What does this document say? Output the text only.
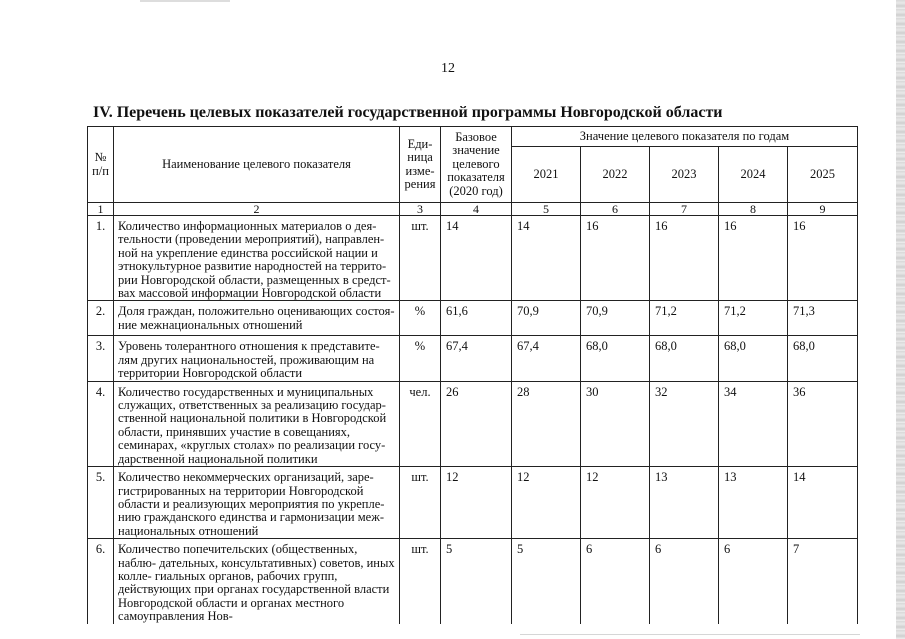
12
IV. Перечень целевых показателей государственной программы Новгородской области
№ п/п	Наименование целевого показателя	Еди- ница изме- рения	Базовое значение целевого показателя (2020 год)	Значение целевого показателя по годам				
				2021	2022	2023	2024	2025
1	2	3	4	5	6	7	8	9
1.	Количество информационных материалов о дея- тельности (проведении мероприятий), направлен- ной на укрепление единства российской нации и этнокультурное развитие народностей на террито- рии Новгородской области, размещенных в средст- вах массовой информации Новгородской области	шт.	14	14	16	16	16	16
2.	Доля граждан, положительно оценивающих состоя- ние межнациональных отношений	%	61,6	70,9	70,9	71,2	71,2	71,3
3.	Уровень толерантного отношения к представите- лям других национальностей, проживающим на территории Новгородской области	%	67,4	67,4	68,0	68,0	68,0	68,0
4.	Количество государственных и муниципальных служащих, ответственных за реализацию государ- ственной национальной политики в Новгородской области, принявших участие в совещаниях, семинарах, «круглых столах» по реализации госу- дарственной национальной политики	чел.	26	28	30	32	34	36
5.	Количество некоммерческих организаций, заре- гистрированных на территории Новгородской области и реализующих мероприятия по укрепле- нию гражданского единства и гармонизации меж- национальных отношений	шт.	12	12	12	13	13	14
6.	Количество попечительских (общественных, наблю- дательных, консультативных) советов, иных колле- гиальных органов, рабочих групп, действующих при органах государственной власти Новгородской области и органах местного самоуправления Нов-	шт.	5	5	6	6	6	7
